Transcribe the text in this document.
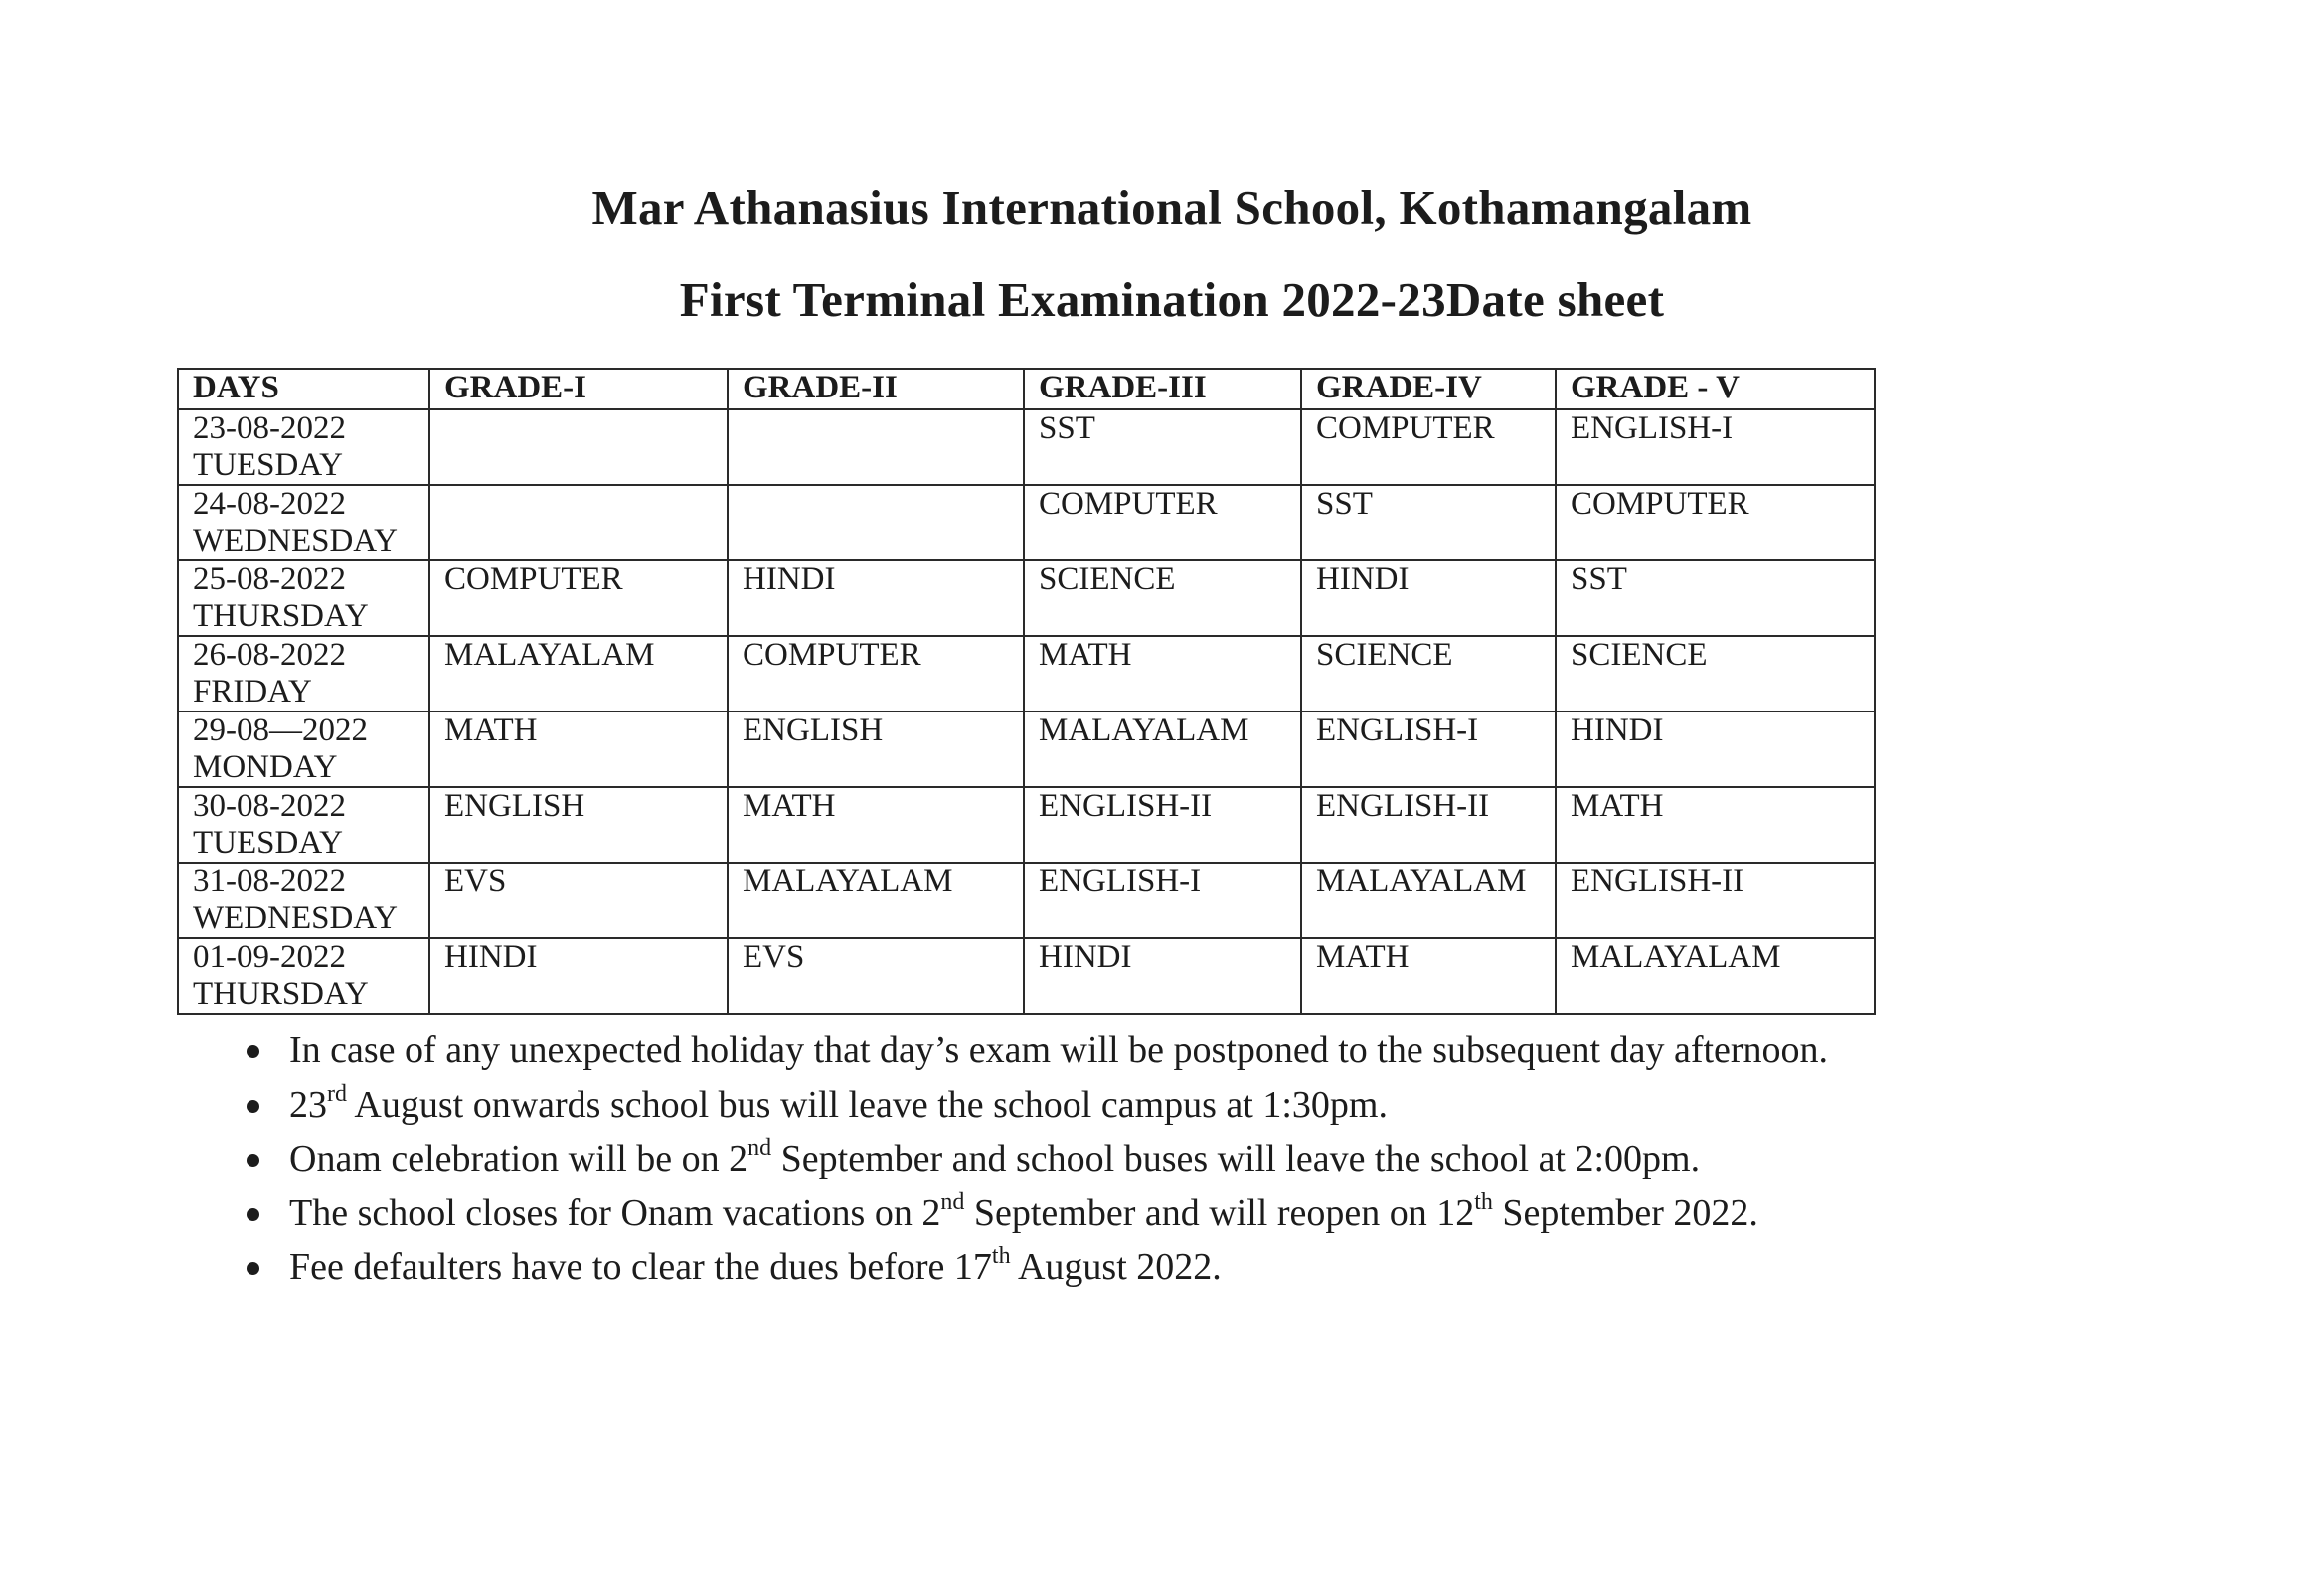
Mar Athanasius International School, Kothamangalam
First Terminal Examination 2022-23Date sheet
DAYS	GRADE-I	GRADE-II	GRADE-III	GRADE-IV	GRADE - V

23-08-2022
TUESDAY			SST	COMPUTER	ENGLISH-I

24-08-2022
WEDNESDAY			COMPUTER	SST	COMPUTER

25-08-2022
THURSDAY	COMPUTER	HINDI	SCIENCE	HINDI	SST

26-08-2022
FRIDAY	MALAYALAM	COMPUTER	MATH	SCIENCE	SCIENCE

29-08—2022
MONDAY	MATH	ENGLISH	MALAYALAM	ENGLISH-I	HINDI

30-08-2022
TUESDAY	ENGLISH	MATH	ENGLISH-II	ENGLISH-II	MATH

31-08-2022
WEDNESDAY	EVS	MALAYALAM	ENGLISH-I	MALAYALAM	ENGLISH-II

01-09-2022
THURSDAY	HINDI	EVS	HINDI	MATH	MALAYALAM
In case of any unexpected holiday that day’s exam will be postponed to the subsequent day afternoon.
23rd August onwards school bus will leave the school campus at 1:30pm.
Onam celebration will be on 2nd September and school buses will leave the school at 2:00pm.
The school closes for Onam vacations on 2nd September and will reopen on 12th September 2022.
Fee defaulters have to clear the dues before 17th August 2022.
